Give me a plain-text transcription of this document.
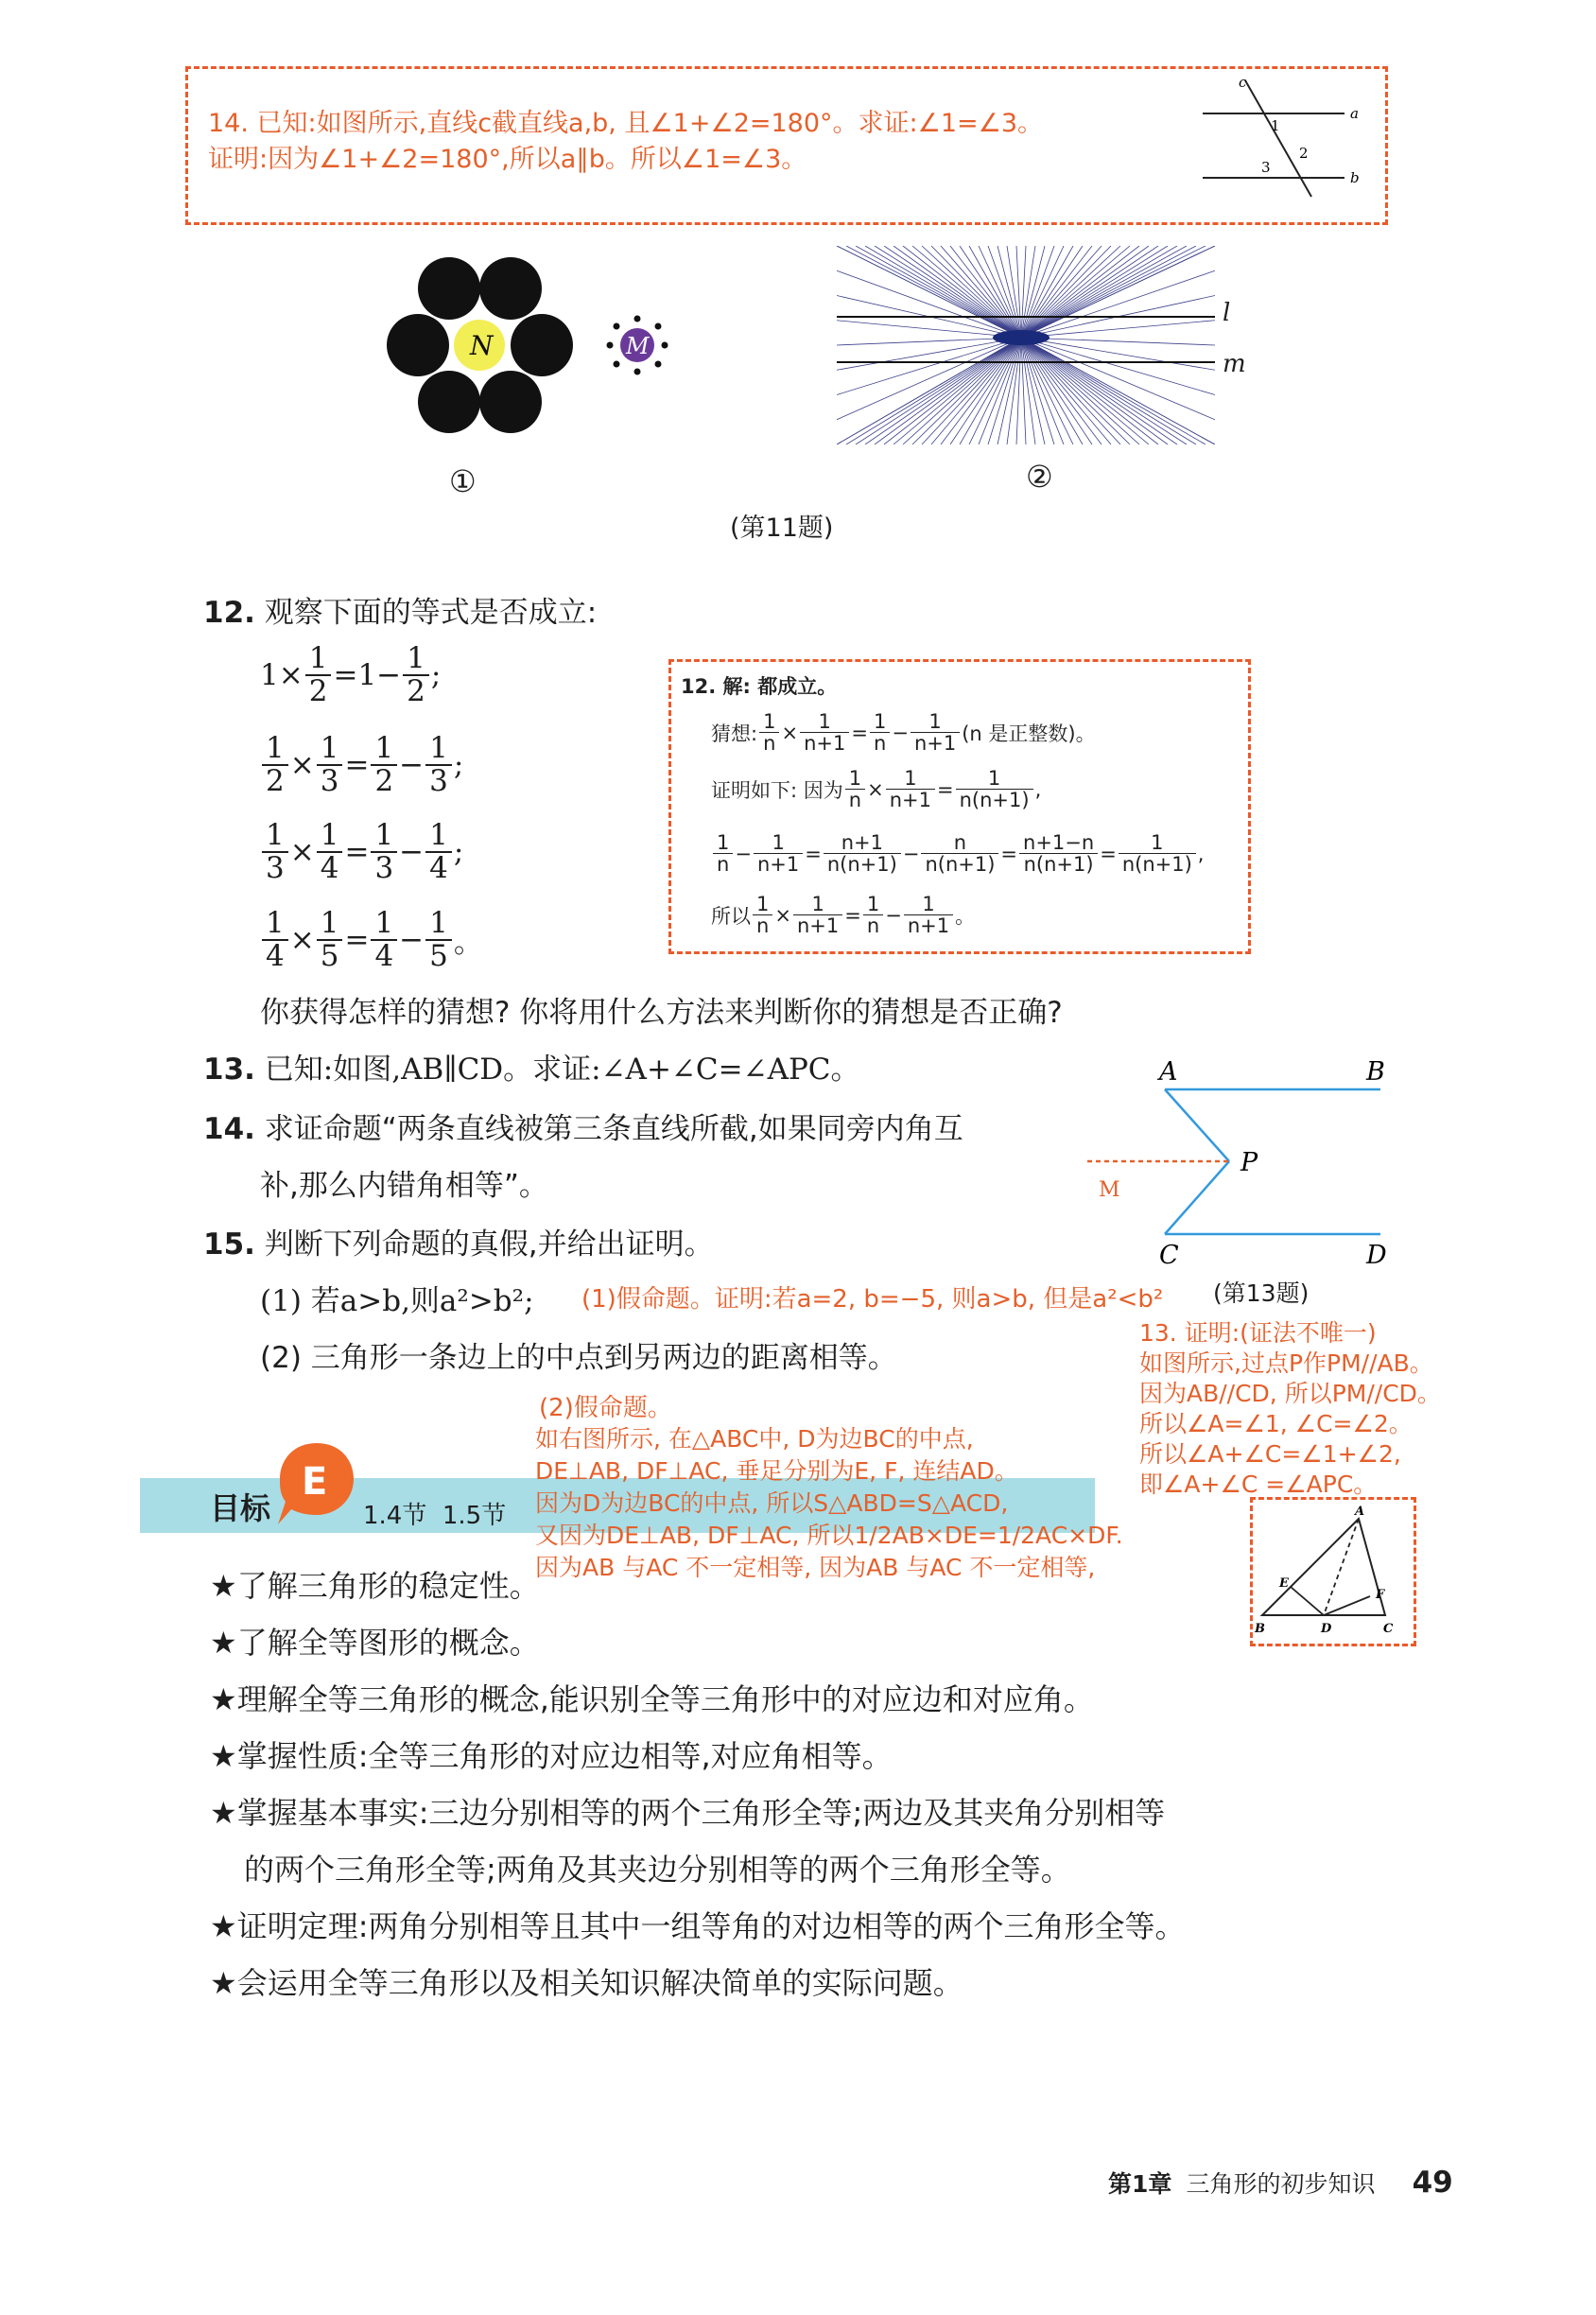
14. 已知:如图所示,直线c截直线a,b, 且∠1+∠2=180°。求证:∠1=∠3。
证明:因为∠1+∠2=180°,所以a∥b。所以∠1=∠3。
c
a
b
1
2
3
N	M
l
m
①	②
(第11题)
12. 观察下面的等式是否成立:
$1 \times \frac{1}{2} = 1 - \frac{1}{2}$ ;
$\frac{1}{2} \times \frac{1}{3} = \frac{1}{2} - \frac{1}{3}$ ;
$\frac{1}{3} \times \frac{1}{4} = \frac{1}{3} - \frac{1}{4}$ ;
$\frac{1}{4} \times \frac{1}{5} = \frac{1}{4} - \frac{1}{5}$ 。
12. 解: 都成立。
猜想: $\frac{1}{n} \times \frac{1}{n+1} = \frac{1}{n} - \frac{1}{n+1} (n$ 是正整数)。
证明如下: 因为 $\frac{1}{n} \times \frac{1}{n+1} = \frac{1}{n(n+1)}$ ,
$\frac{1}{n} - \frac{1}{n+1} = \frac{n+1}{n(n+1)} - \frac{n}{n(n+1)} = \frac{n+1-n}{n(n+1)} = \frac{1}{n(n+1)}$ ,
所以 $\frac{1}{n} \times \frac{1}{n+1} = \frac{1}{n} - \frac{1}{n+1}$ 。
你获得怎样的猜想? 你将用什么方法来判断你的猜想是否正确?
13. 已知:如图,AB∥CD。求证:∠A+∠C=∠APC。
14. 求证命题“两条直线被第三条直线所截,如果同旁内角互
补,那么内错角相等”。
15. 判断下列命题的真假,并给出证明。
(1) 若a>b,则a²>b²; (1)假命题。证明:若a=2, b=−5, 则a>b, 但是a²<b²
(2) 三角形一条边上的中点到另两边的距离相等。
A	B
P
C	D
M
(第13题)
13. 证明:(证法不唯一)
如图所示,过点P作PM//AB。
因为AB//CD, 所以PM//CD。
所以∠A=∠1, ∠C=∠2。
所以∠A+∠C=∠1+∠2,
即∠A+∠C =∠APC。
目标
E
1.4节  1.5节
(2)假命题。
如右图所示, 在△ABC中, D为边BC的中点,
DE⊥AB, DF⊥AC, 垂足分别为E, F, 连结AD。
因为D为边BC的中点, 所以S△ABD=S△ACD,
又因为DE⊥AB, DF⊥AC, 所以1/2AB×DE=1/2AC×DF.
因为AB 与AC 不一定相等, 因为AB 与AC 不一定相等,
A
B	D	C
E
F
★了解三角形的稳定性。
★了解全等图形的概念。
★理解全等三角形的概念,能识别全等三角形中的对应边和对应角。
★掌握性质:全等三角形的对应边相等,对应角相等。
★掌握基本事实:三边分别相等的两个三角形全等;两边及其夹角分别相等
的两个三角形全等;两角及其夹边分别相等的两个三角形全等。
★证明定理:两角分别相等且其中一组等角的对边相等的两个三角形全等。
★会运用全等三角形以及相关知识解决简单的实际问题。
第1章 三角形的初步知识 49
